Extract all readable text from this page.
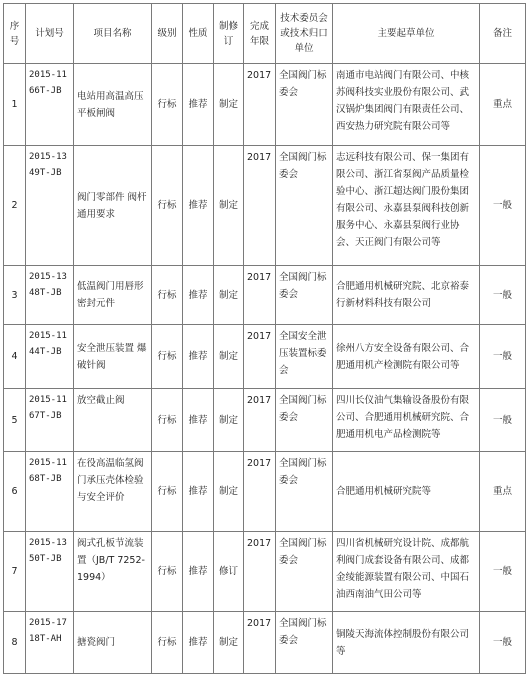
序号	计划号	项目名称	级别	性质	制修订	完成年限	技术委员会或技术归口单位	主要起草单位	备注
1	2015-1166T-JB	电站用高温高压平板闸阀	行标	推荐	制定	2017	全国阀门标委会	南通市电站阀门有限公司、中核苏阀科技实业股份有限公司、武汉锅炉集团阀门有限责任公司、西安热力研究院有限公司等	重点
2	2015-1349T-JB	阀门零部件 阀杆通用要求	行标	推荐	制定	2017	全国阀门标委会	志远科技有限公司、保一集团有限公司、浙江省泵阀产品质量检验中心、浙江超达阀门股份集团有限公司、永嘉县泵阀科技创新服务中心、永嘉县泵阀行业协会、天正阀门有限公司等	一般
3	2015-1348T-JB	低温阀门用唇形密封元件	行标	推荐	制定	2017	全国阀门标委会	合肥通用机械研究院、北京裕泰行新材料科技有限公司	一般
4	2015-1144T-JB	安全泄压装置 爆破针阀	行标	推荐	制定	2017	全国安全泄压装置标委会	徐州八方安全设备有限公司、合肥通用机产检测院有限公司等	一般
5	2015-1167T-JB	放空截止阀	行标	推荐	制定	2017	全国阀门标委会	四川长仪油气集输设备股份有限公司、合肥通用机械研究院、合肥通用机电产品检测院等	一般
6	2015-1168T-JB	在役高温临氢阀门承压壳体检验与安全评价	行标	推荐	制定	2017	全国阀门标委会	合肥通用机械研究院等	重点
7	2015-1350T-JB	阀式孔板节流装置（JB/T 7252-1994）	行标	推荐	修订	2017	全国阀门标委会	四川省机械研究设计院、成都航利阀门成套设备有限公司、成都金绫能源装置有限公司、中国石油西南油气田公司等	一般
8	2015-1718T-AH	搪瓷阀门	行标	推荐	制定	2017	全国阀门标委会	铜陵天海流体控制股份有限公司等	一般
